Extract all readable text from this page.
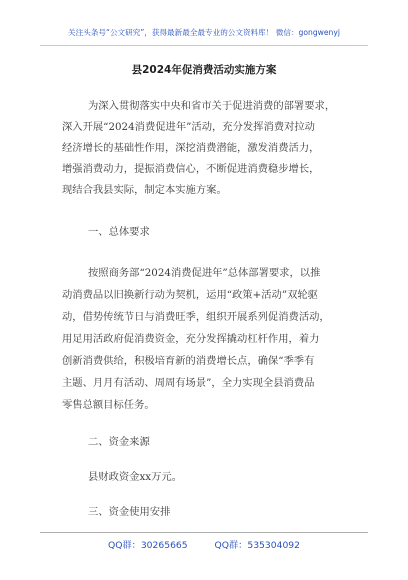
关注头条号“公文研究”，获得最新最全最专业的公文资料库！ 微信：gongwenyj
县2024年促消费活动实施方案
为深入贯彻落实中央和省市关于促进消费的部署要求，
深入开展“2024消费促进年”活动，充分发挥消费对拉动
经济增长的基础性作用，深挖消费潜能，激发消费活力，
增强消费动力，提振消费信心，不断促进消费稳步增长，
现结合我县实际，制定本实施方案。
一、总体要求
按照商务部“2024消费促进年”总体部署要求，以推
动消费品以旧换新行动为契机，运用“政策+活动”双轮驱
动，借势传统节日与消费旺季，组织开展系列促消费活动，
用足用活政府促消费资金，充分发挥撬动杠杆作用，着力
创新消费供给，积极培育新的消费增长点，确保“季季有
主题、月月有活动、周周有场景”，全力实现全县消费品
零售总额目标任务。
二、资金来源
县财政资金xx万元。
三、资金使用安排
QQ群：30265665	QQ群：535304092
